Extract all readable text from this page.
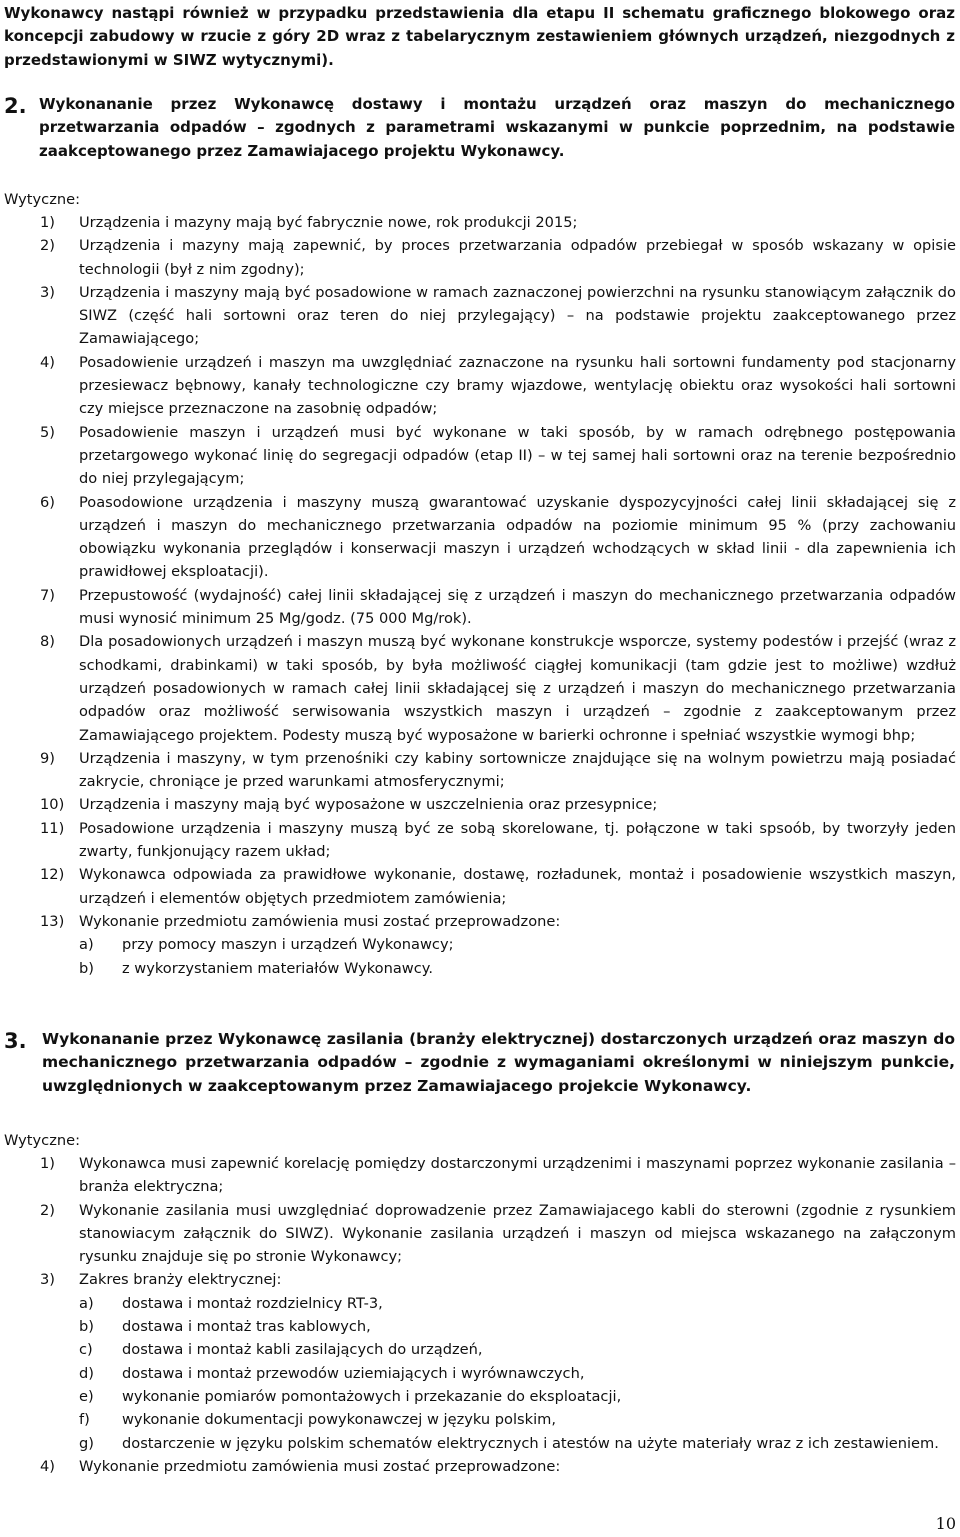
Wykonawcy nastąpi również w przypadku przedstawienia dla etapu II schematu graficznego blokowego oraz koncepcji zabudowy w rzucie z góry 2D wraz z tabelarycznym zestawieniem głównych urządzeń, niezgodnych z przedstawionymi w SIWZ wytycznymi).

2. Wykonananie przez Wykonawcę dostawy i montażu urządzeń oraz maszyn do mechanicznego przetwarzania odpadów – zgodnych z parametrami wskazanymi w punkcie poprzednim, na podstawie zaakceptowanego przez Zamawiajacego projektu Wykonawcy.

Wytyczne:
1) Urządzenia i mazyny mają być fabrycznie nowe, rok produkcji 2015;

2) Urządzenia i mazyny mają zapewnić, by proces przetwarzania odpadów przebiegał w sposób wskazany w opisie technologii (był z nim zgodny);

3) Urządzenia i maszyny mają być posadowione w ramach zaznaczonej powierzchni na rysunku stanowiącym załącznik do SIWZ (część hali sortowni oraz teren do niej przylegający) – na podstawie projektu zaakceptowanego przez Zamawiającego;

4) Posadowienie urządzeń i maszyn ma uwzględniać zaznaczone na rysunku hali sortowni fundamenty pod stacjonarny przesiewacz bębnowy, kanały technologiczne czy bramy wjazdowe, wentylację obiektu oraz wysokości hali sortowni czy miejsce przeznaczone na zasobnię odpadów;

5) Posadowienie maszyn i urządzeń musi być wykonane w taki sposób, by w ramach odrębnego postępowania przetargowego wykonać linię do segregacji odpadów (etap II) – w tej samej hali sortowni oraz na terenie bezpośrednio do niej przylegającym;

6) Poasodowione urządzenia i maszyny muszą gwarantować uzyskanie dyspozycyjności całej linii składającej się z urządzeń i maszyn do mechanicznego przetwarzania odpadów na poziomie minimum 95 % (przy zachowaniu obowiązku wykonania przeglądów i konserwacji maszyn i urządzeń wchodzących w skład linii - dla zapewnienia ich prawidłowej eksploatacji).

7) Przepustowość (wydajność) całej linii składającej się z urządzeń i maszyn do mechanicznego przetwarzania odpadów musi wynosić minimum 25 Mg/godz. (75 000 Mg/rok).

8) Dla posadowionych urządzeń i maszyn muszą być wykonane konstrukcje wsporcze, systemy podestów i przejść (wraz z schodkami, drabinkami) w taki sposób, by była możliwość ciągłej komunikacji (tam gdzie jest to możliwe) wzdłuż urządzeń posadowionych w ramach całej linii składającej się z urządzeń i maszyn do mechanicznego przetwarzania odpadów oraz możliwość serwisowania wszystkich maszyn i urządzeń – zgodnie z zaakceptowanym przez Zamawiającego projektem. Podesty muszą być wyposażone w barierki ochronne i spełniać wszystkie wymogi bhp;

9) Urządzenia i maszyny, w tym przenośniki czy kabiny sortownicze znajdujące się na wolnym powietrzu mają posiadać zakrycie, chroniące je przed warunkami atmosferycznymi;

10) Urządzenia i maszyny mają być wyposażone w uszczelnienia oraz przesypnice;

11) Posadowione urządzenia i maszyny muszą być ze sobą skorelowane, tj. połączone w taki spsoób, by tworzyły jeden zwarty, funkjonujący razem układ;

12) Wykonawca odpowiada za prawidłowe wykonanie, dostawę, rozładunek, montaż i posadowienie wszystkich maszyn, urządzeń i elementów objętych przedmiotem zamówienia;

13) Wykonanie przedmiotu zamówienia musi zostać przeprowadzone:

a) przy pomocy maszyn i urządzeń Wykonawcy;

b) z wykorzystaniem materiałów Wykonawcy.

3. Wykonananie przez Wykonawcę zasilania (branży elektrycznej) dostarczonych urządzeń oraz maszyn do mechanicznego przetwarzania odpadów – zgodnie z wymaganiami określonymi w niniejszym punkcie, uwzględnionych w zaakceptowanym przez Zamawiajacego projekcie Wykonawcy.

Wytyczne:
1) Wykonawca musi zapewnić korelację pomiędzy dostarczonymi urządzenimi i maszynami poprzez wykonanie zasilania – branża elektryczna;

2) Wykonanie zasilania musi uwzględniać doprowadzenie przez Zamawiajacego kabli do sterowni (zgodnie z rysunkiem stanowiacym załącznik do SIWZ). Wykonanie zasilania urządzeń i maszyn od miejsca wskazanego na załączonym rysunku znajduje się po stronie Wykonawcy;

3) Zakres branży elektrycznej:

a) dostawa i montaż rozdzielnicy RT-3,

b) dostawa i montaż tras kablowych,

c) dostawa i montaż kabli zasilających do urządzeń,

d) dostawa i montaż przewodów uziemiających i wyrównawczych,

e) wykonanie pomiarów pomontażowych i przekazanie do eksploatacji,

f) wykonanie dokumentacji powykonawczej w języku polskim,

g) dostarczenie w języku polskim schematów elektrycznych i atestów na użyte materiały wraz z ich zestawieniem.

4) Wykonanie przedmiotu zamówienia musi zostać przeprowadzone:

10
